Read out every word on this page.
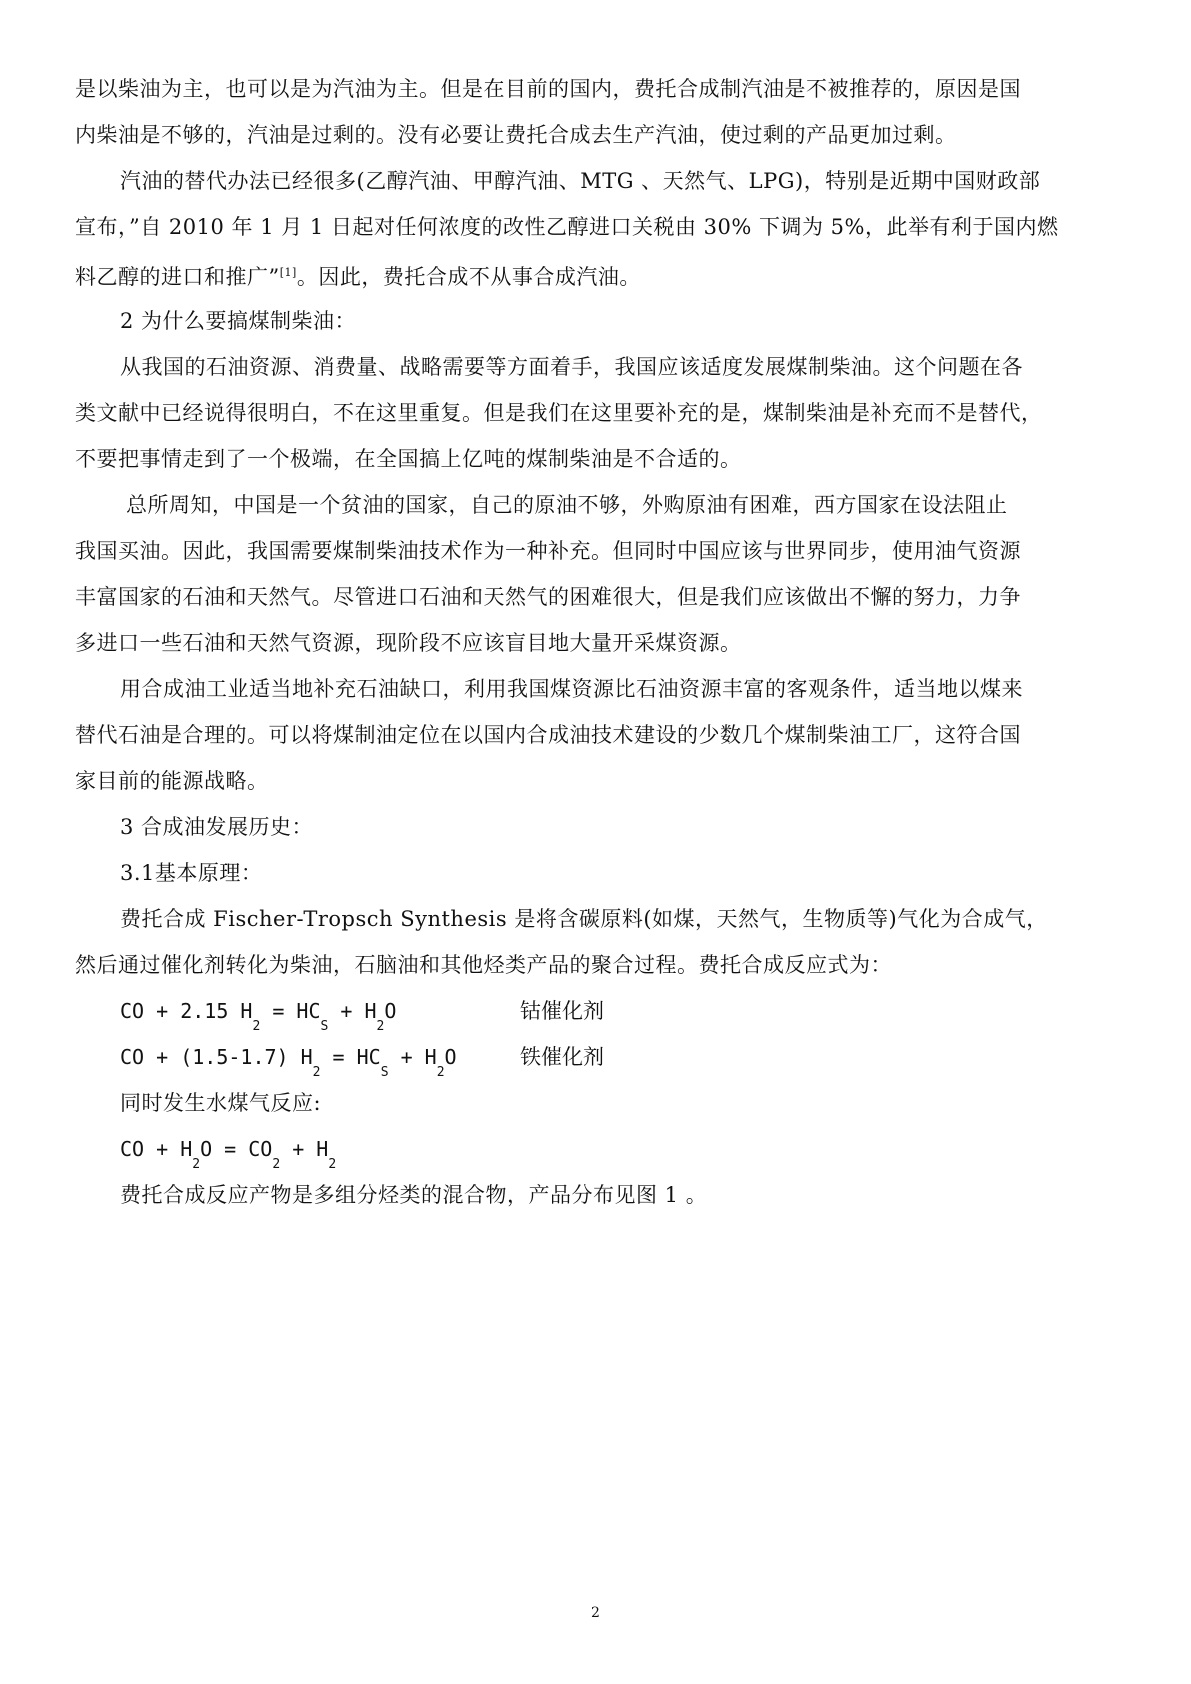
是以柴油为主，也可以是为汽油为主。但是在目前的国内，费托合成制汽油是不被推荐的，原因是国
内柴油是不够的，汽油是过剩的。没有必要让费托合成去生产汽油，使过剩的产品更加过剩。
汽油的替代办法已经很多(乙醇汽油、甲醇汽油、MTG 、天然气、LPG)，特别是近期中国财政部
宣布，”自 2010 年 1 月 1 日起对任何浓度的改性乙醇进口关税由 30% 下调为 5%，此举有利于国内燃
料乙醇的进口和推广”[1]。因此，费托合成不从事合成汽油。
2 为什么要搞煤制柴油：
从我国的石油资源、消费量、战略需要等方面着手，我国应该适度发展煤制柴油。这个问题在各
类文献中已经说得很明白，不在这里重复。但是我们在这里要补充的是，煤制柴油是补充而不是替代，
不要把事情走到了一个极端，在全国搞上亿吨的煤制柴油是不合适的。
总所周知，中国是一个贫油的国家，自己的原油不够，外购原油有困难，西方国家在设法阻止
我国买油。因此，我国需要煤制柴油技术作为一种补充。但同时中国应该与世界同步，使用油气资源
丰富国家的石油和天然气。尽管进口石油和天然气的困难很大，但是我们应该做出不懈的努力，力争
多进口一些石油和天然气资源，现阶段不应该盲目地大量开采煤资源。
用合成油工业适当地补充石油缺口，利用我国煤资源比石油资源丰富的客观条件，适当地以煤来
替代石油是合理的。可以将煤制油定位在以国内合成油技术建设的少数几个煤制柴油工厂，这符合国
家目前的能源战略。
3 合成油发展历史：
3.1基本原理：
费托合成 Fischer-Tropsch Synthesis 是将含碳原料(如煤，天然气，生物质等)气化为合成气，
然后通过催化剂转化为柴油，石脑油和其他烃类产品的聚合过程。费托合成反应式为：
CO + 2.15 $H_2 = HC_S + H_2O$	钴催化剂
CO + (1.5-1.7) $H_2 = HC_S + H_2O$	铁催化剂
同时发生水煤气反应:
CO + $H_2O = CO_2 + H_2$
费托合成反应产物是多组分烃类的混合物，产品分布见图 1 。
2
